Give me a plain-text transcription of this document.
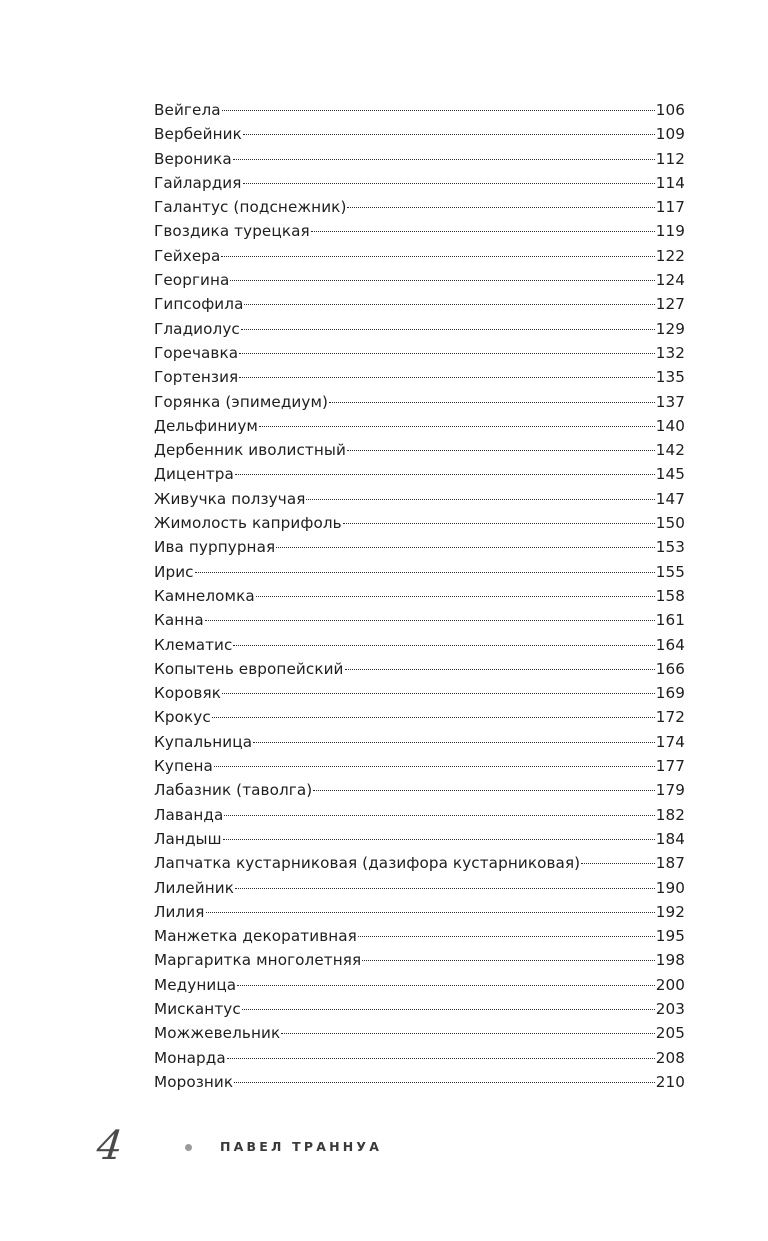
Вейгела	106
Вербейник	109
Вероника	112
Гайлардия	114
Галантус (подснежник)	117
Гвоздика турецкая	119
Гейхера	122
Георгина	124
Гипсофила	127
Гладиолус	129
Горечавка	132
Гортензия	135
Горянка (эпимедиум)	137
Дельфиниум	140
Дербенник иволистный	142
Дицентра	145
Живучка ползучая	147
Жимолость каприфоль	150
Ива пурпурная	153
Ирис	155
Камнеломка	158
Канна	161
Клематис	164
Копытень европейский	166
Коровяк	169
Крокус	172
Купальница	174
Купена	177
Лабазник (таволга)	179
Лаванда	182
Ландыш	184
Лапчатка кустарниковая (дазифора кустарниковая)	187
Лилейник	190
Лилия	192
Манжетка декоративная	195
Маргаритка многолетняя	198
Медуница	200
Мискантус	203
Можжевельник	205
Монарда	208
Морозник	210
4	ПАВЕЛ ТРАННУА
